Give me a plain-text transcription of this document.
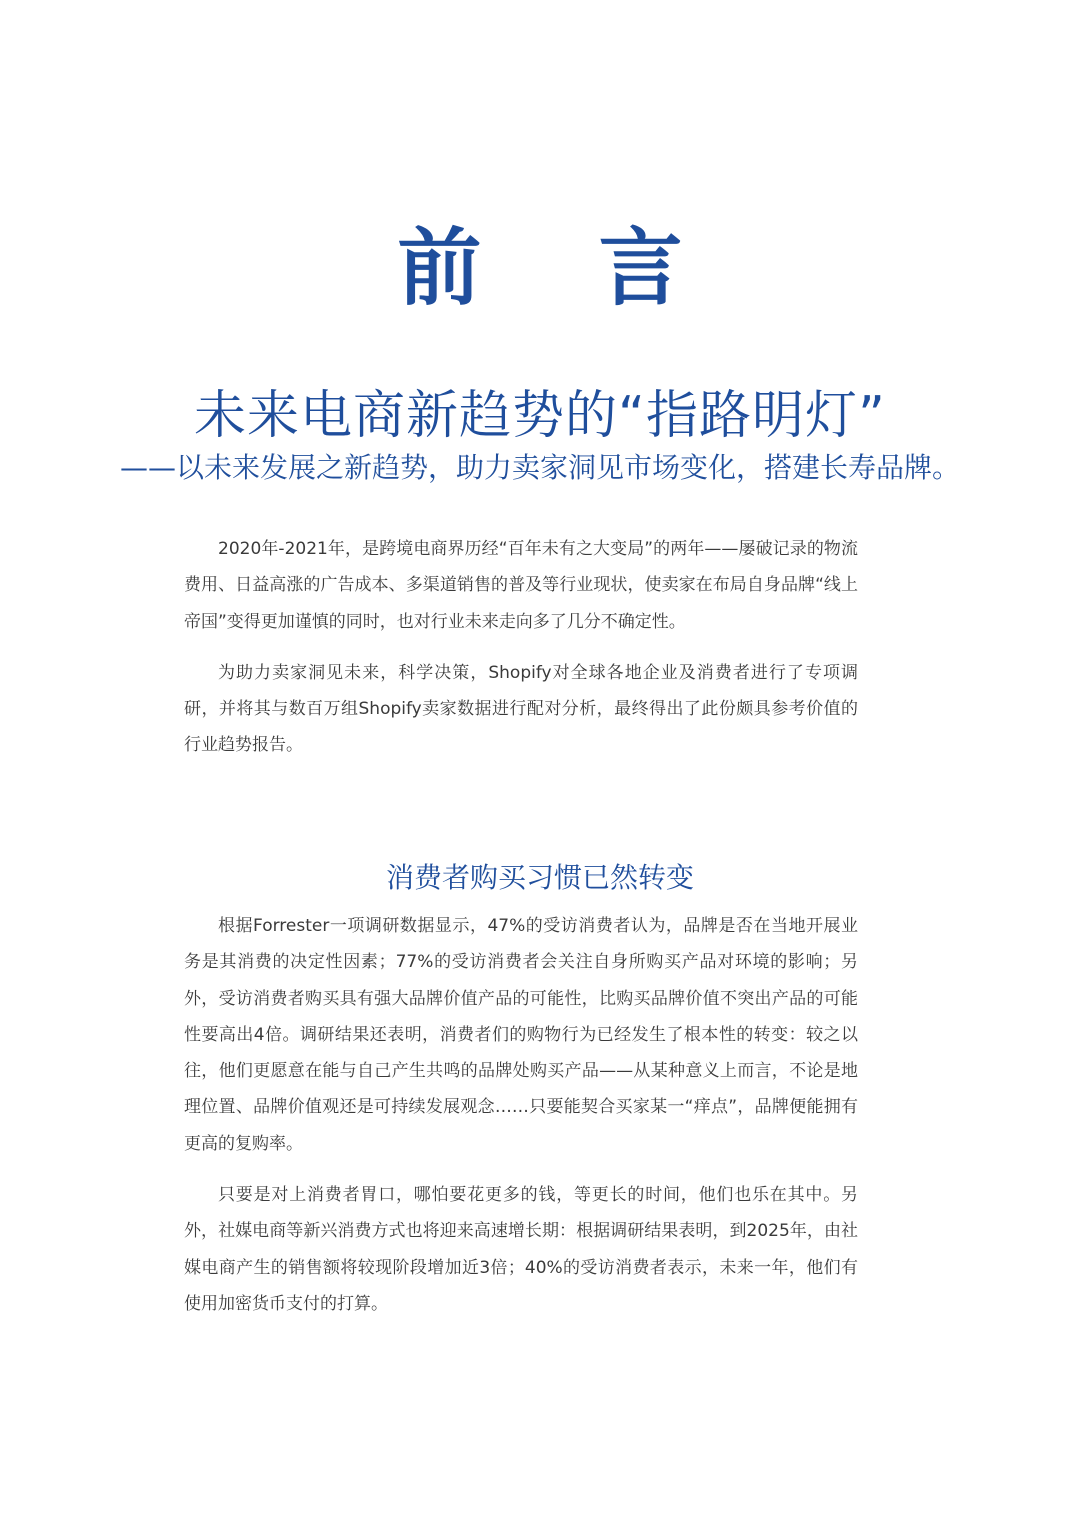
前 言
未来电商新趋势的“指路明灯”
——以未来发展之新趋势，助力卖家洞见市场变化，搭建长寿品牌。

2020年-2021年，是跨境电商界历经“百年未有之大变局”的两年——屡破记录的物流费用、日益高涨的广告成本、多渠道销售的普及等行业现状，使卖家在布局自身品牌“线上帝国”变得更加谨慎的同时，也对行业未来走向多了几分不确定性。

为助力卖家洞见未来，科学决策，Shopify对全球各地企业及消费者进行了专项调研，并将其与数百万组Shopify卖家数据进行配对分析，最终得出了此份颇具参考价值的行业趋势报告。

消费者购买习惯已然转变

根据Forrester一项调研数据显示，47%的受访消费者认为，品牌是否在当地开展业务是其消费的决定性因素；77%的受访消费者会关注自身所购买产品对环境的影响；另外，受访消费者购买具有强大品牌价值产品的可能性，比购买品牌价值不突出产品的可能性要高出4倍。调研结果还表明，消费者们的购物行为已经发生了根本性的转变：较之以往，他们更愿意在能与自己产生共鸣的品牌处购买产品——从某种意义上而言，不论是地理位置、品牌价值观还是可持续发展观念……只要能契合买家某一“痒点”，品牌便能拥有更高的复购率。

只要是对上消费者胃口，哪怕要花更多的钱，等更长的时间，他们也乐在其中。另外，社媒电商等新兴消费方式也将迎来高速增长期：根据调研结果表明，到2025年，由社媒电商产生的销售额将较现阶段增加近3倍；40%的受访消费者表示，未来一年，他们有使用加密货币支付的打算。
